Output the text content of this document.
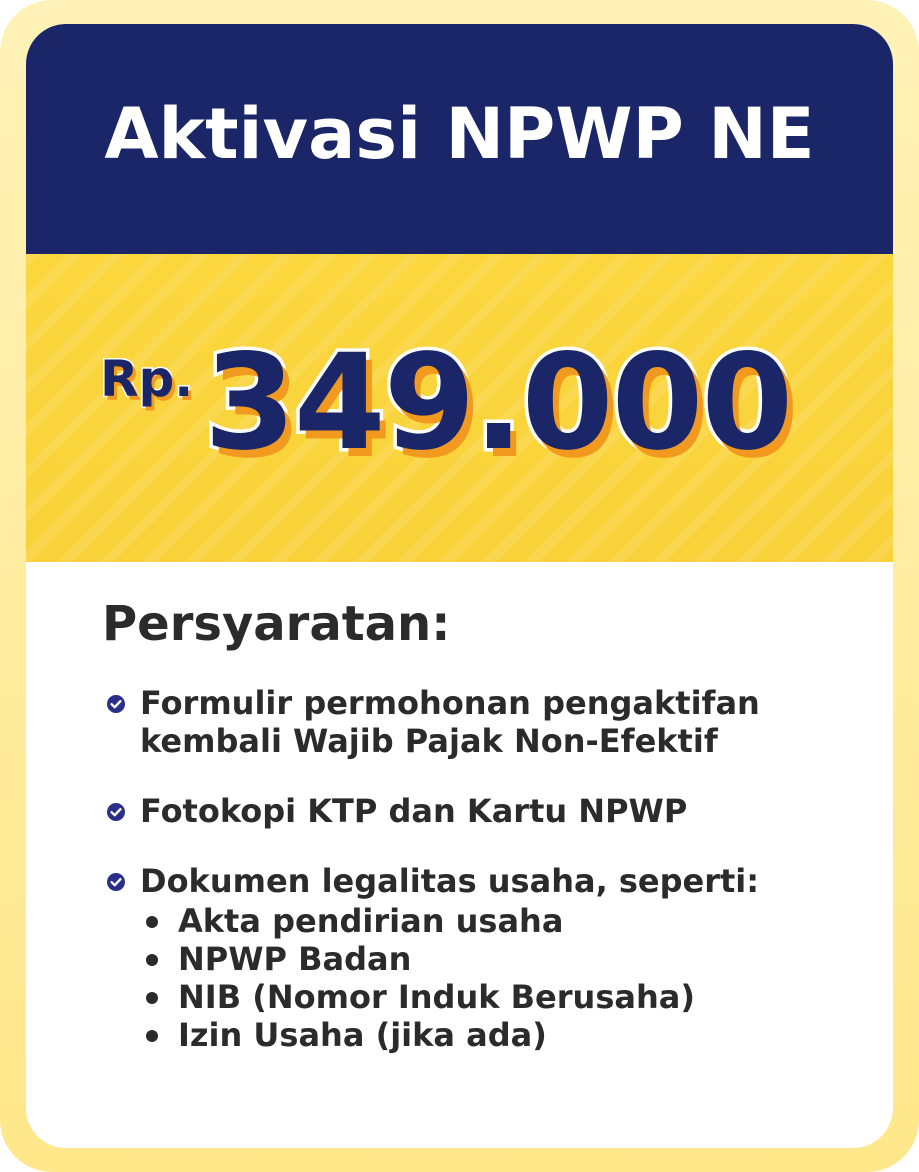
Aktivasi NPWP NE
Rp. 349.000
Persyaratan:
Formulir permohonan pengaktifan kembali Wajib Pajak Non-Efektif
Fotokopi KTP dan Kartu NPWP
Dokumen legalitas usaha, seperti:
Akta pendirian usaha
NPWP Badan
NIB (Nomor Induk Berusaha)
Izin Usaha (jika ada)
